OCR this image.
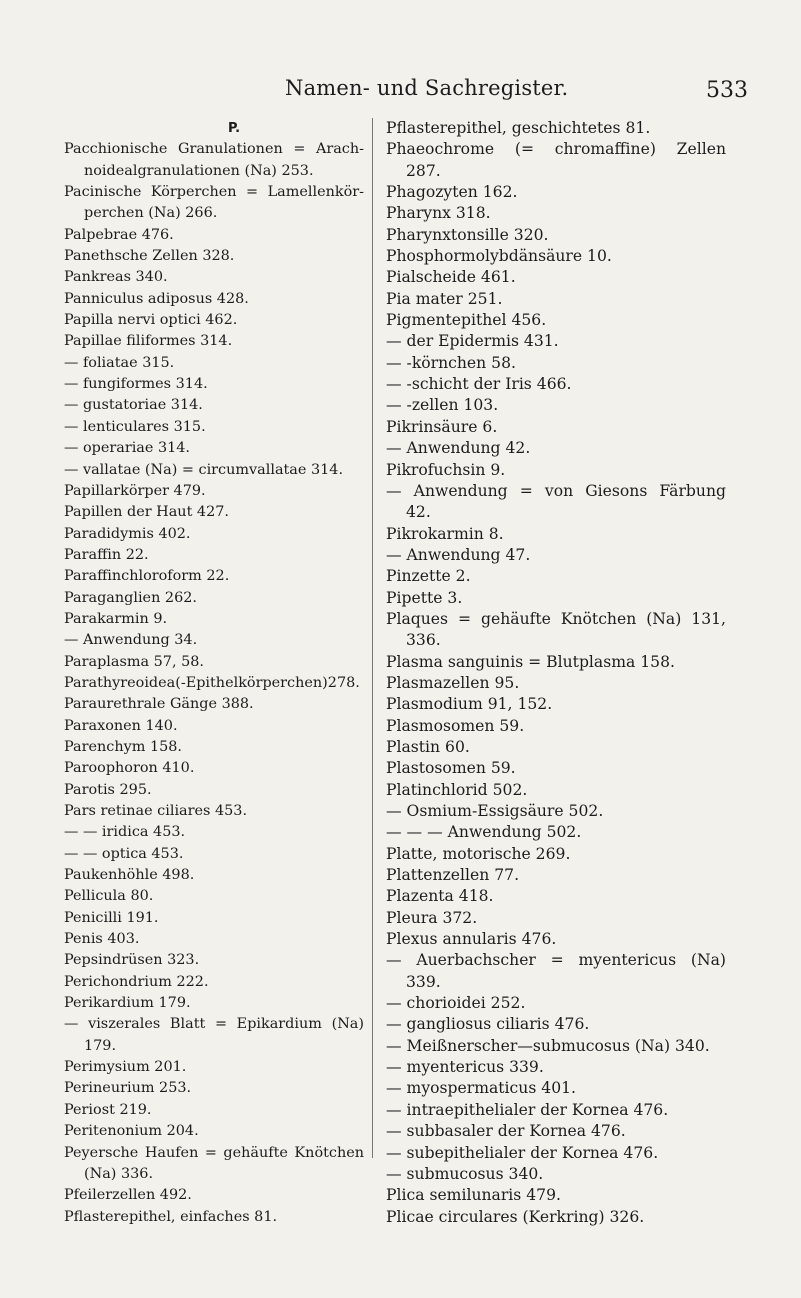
Namen- und Sachregister.	533
P.
Pacchionische Granulationen = Arach-
noidealgranulationen (Na) 253.
Pacinische Körperchen = Lamellenkör-
perchen (Na) 266.
Palpebrae 476.
Panethsche Zellen 328.
Pankreas 340.
Panniculus adiposus 428.
Papilla nervi optici 462.
Papillae filiformes 314.
— foliatae 315.
— fungiformes 314.
— gustatoriae 314.
— lenticulares 315.
— operariae 314.
— vallatae (Na) = circumvallatae 314.
Papillarkörper 479.
Papillen der Haut 427.
Paradidymis 402.
Paraffin 22.
Paraffinchloroform 22.
Paraganglien 262.
Parakarmin 9.
— Anwendung 34.
Paraplasma 57, 58.
Parathyreoidea(-Epithelkörperchen)278.
Paraurethrale Gänge 388.
Paraxonen 140.
Parenchym 158.
Paroophoron 410.
Parotis 295.
Pars retinae ciliares 453.
— — iridica 453.
— — optica 453.
Paukenhöhle 498.
Pellicula 80.
Penicilli 191.
Penis 403.
Pepsindrüsen 323.
Perichondrium 222.
Perikardium 179.
— viszerales Blatt = Epikardium (Na)
179.
Perimysium 201.
Perineurium 253.
Periost 219.
Peritenonium 204.
Peyersche Haufen = gehäufte Knötchen
(Na) 336.
Pfeilerzellen 492.
Pflasterepithel, einfaches 81.
Pflasterepithel, geschichtetes 81.
Phaeochrome (= chromaffine) Zellen
287.
Phagozyten 162.
Pharynx 318.
Pharynxtonsille 320.
Phosphormolybdänsäure 10.
Pialscheide 461.
Pia mater 251.
Pigmentepithel 456.
— der Epidermis 431.
— -körnchen 58.
— -schicht der Iris 466.
— -zellen 103.
Pikrinsäure 6.
— Anwendung 42.
Pikrofuchsin 9.
— Anwendung = von Giesons Färbung
42.
Pikrokarmin 8.
— Anwendung 47.
Pinzette 2.
Pipette 3.
Plaques = gehäufte Knötchen (Na) 131,
336.
Plasma sanguinis = Blutplasma 158.
Plasmazellen 95.
Plasmodium 91, 152.
Plasmosomen 59.
Plastin 60.
Plastosomen 59.
Platinchlorid 502.
— Osmium-Essigsäure 502.
— — — Anwendung 502.
Platte, motorische 269.
Plattenzellen 77.
Plazenta 418.
Pleura 372.
Plexus annularis 476.
— Auerbachscher = myentericus (Na)
339.
— chorioidei 252.
— gangliosus ciliaris 476.
— Meißnerscher—submucosus (Na) 340.
— myentericus 339.
— myospermaticus 401.
— intraepithelialer der Kornea 476.
— subbasaler der Kornea 476.
— subepithelialer der Kornea 476.
— submucosus 340.
Plica semilunaris 479.
Plicae circulares (Kerkring) 326.
